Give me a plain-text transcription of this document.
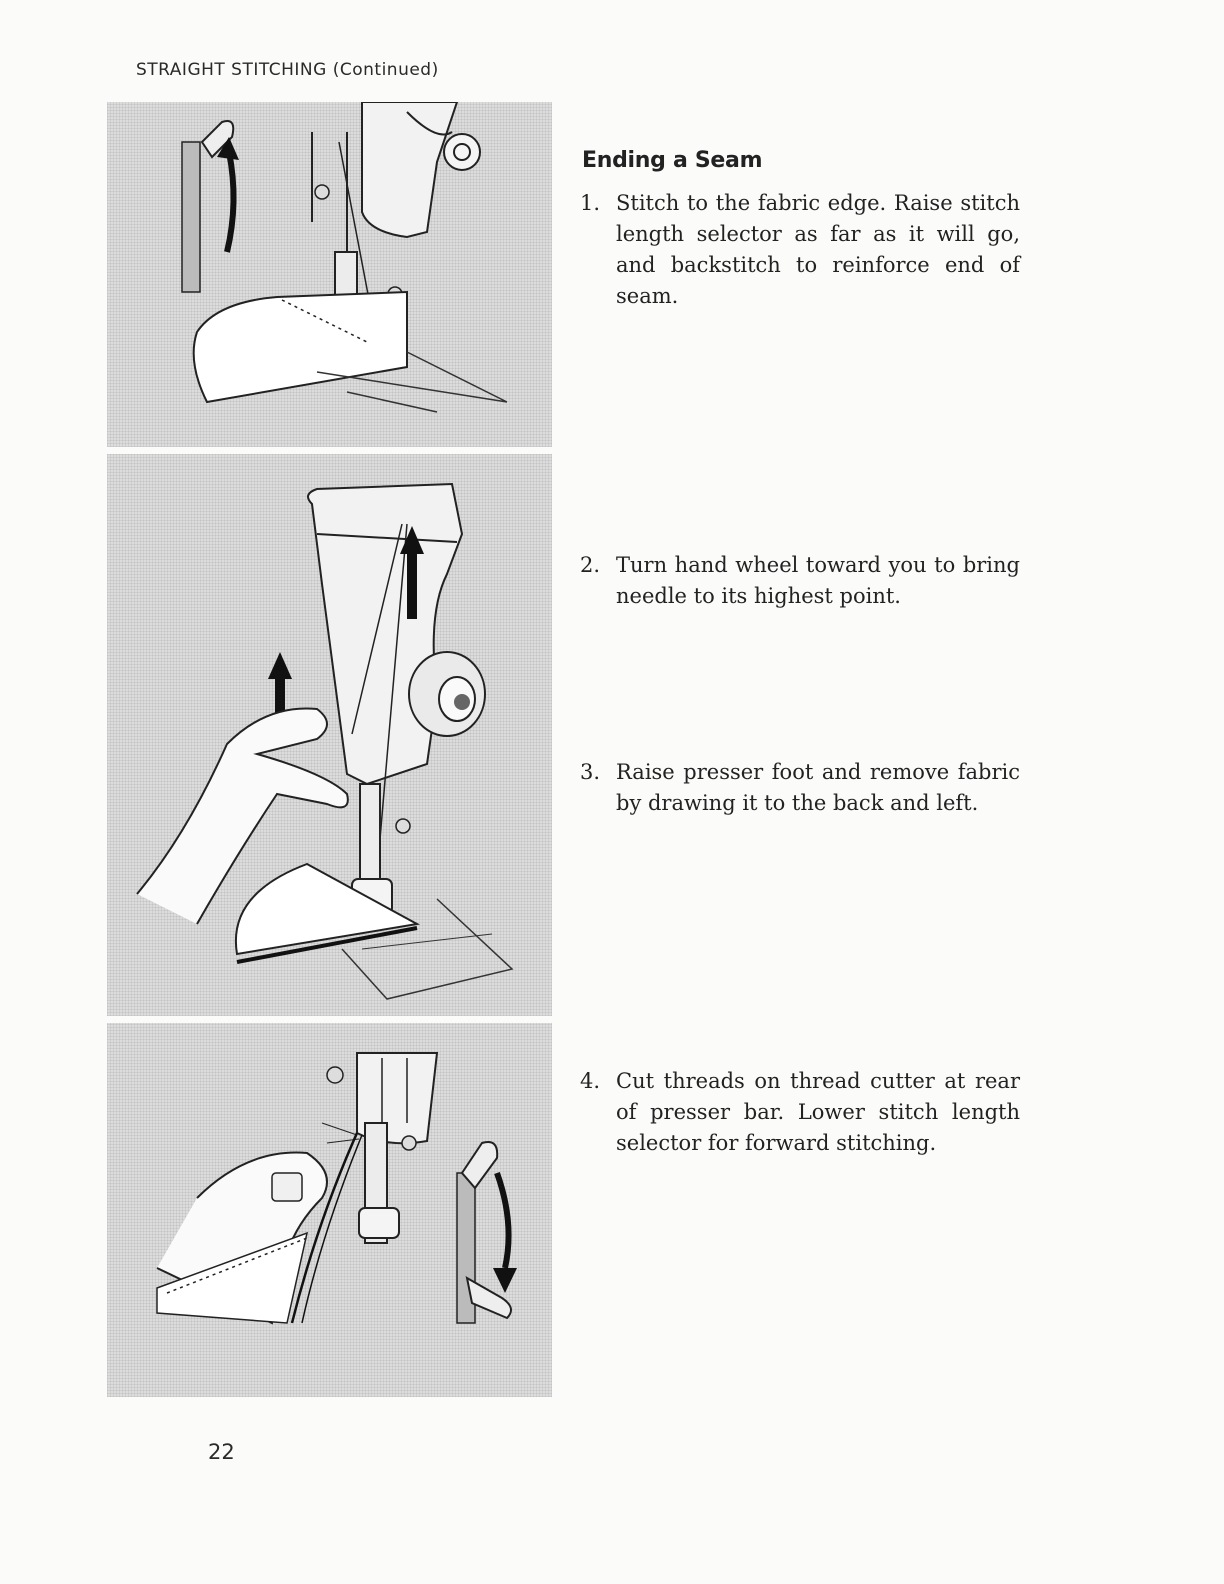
STRAIGHT STITCHING (Continued)
Ending a Seam
1. Stitch to the fabric edge. Raise stitch length selector as far as it will go, and backstitch to reinforce end of seam.
2. Turn hand wheel toward you to bring needle to its highest point.
3. Raise presser foot and remove fabric by drawing it to the back and left.
4. Cut threads on thread cutter at rear of presser bar. Lower stitch length selector for forward stitching.
22
